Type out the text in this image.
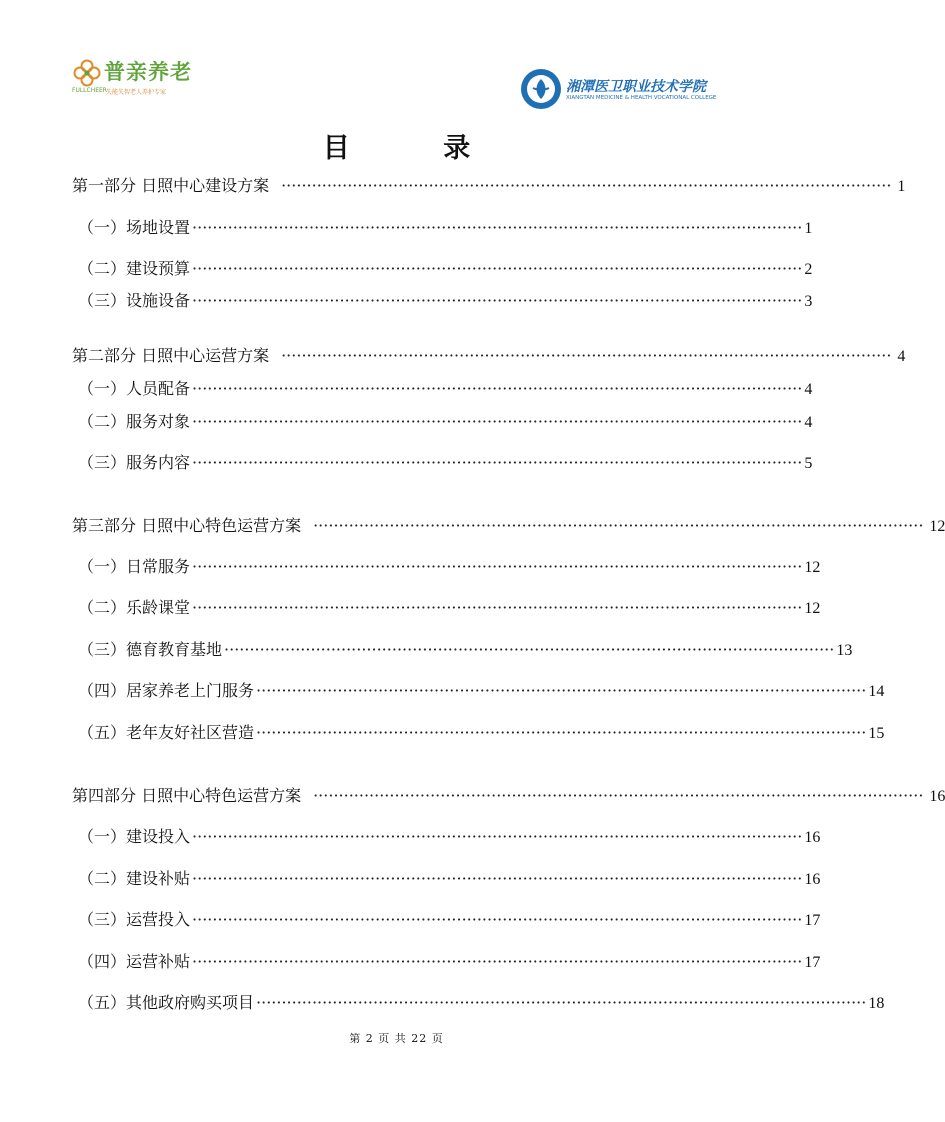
普亲养老
FULLCHEER 失能失智老人养护专家	湘潭医卫职业技术学院
XIANGTAN MEDICINE & HEALTH VOCATIONAL COLLEGE
目 录
第一部分 日照中心建设方案 ························································································································ 1
（一）场地设置 ························································································································ 1
（二）建设预算 ························································································································ 2
（三）设施设备 ························································································································ 3
第二部分 日照中心运营方案 ························································································································ 4
（一）人员配备 ························································································································ 4
（二）服务对象 ························································································································ 4
（三）服务内容 ························································································································ 5
第三部分 日照中心特色运营方案 ························································································································ 12
（一）日常服务 ························································································································ 12
（二）乐龄课堂 ························································································································ 12
（三）德育教育基地 ························································································································ 13
（四）居家养老上门服务 ························································································································ 14
（五）老年友好社区营造 ························································································································ 15
第四部分 日照中心特色运营方案 ························································································································ 16
（一）建设投入 ························································································································ 16
（二）建设补贴 ························································································································ 16
（三）运营投入 ························································································································ 17
（四）运营补贴 ························································································································ 17
（五）其他政府购买项目 ························································································································ 18
第 2 页 共 22 页
